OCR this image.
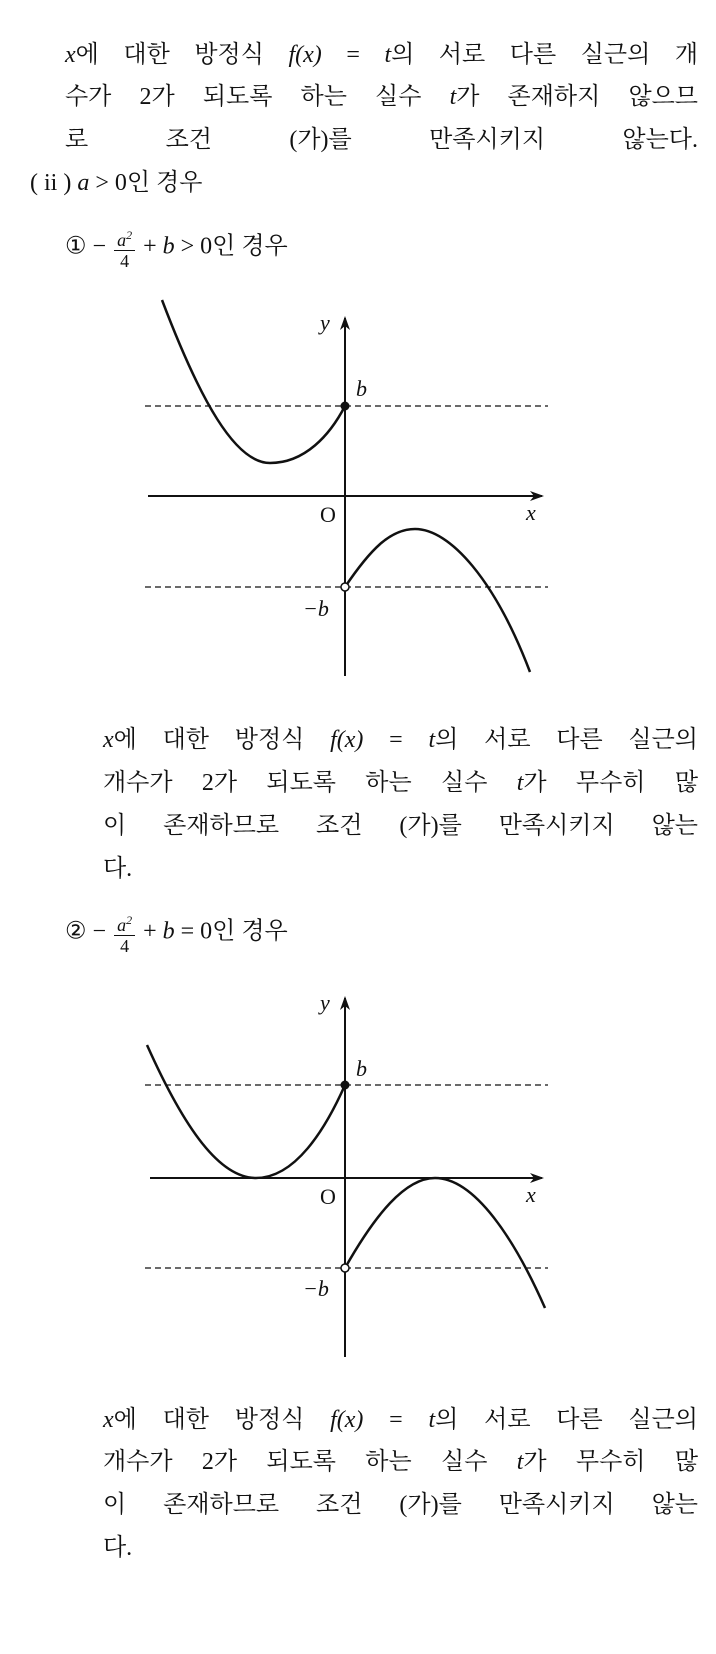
x에 대한 방정식 f(x) = t의 서로 다른 실근의 개
수가 2가 되도록 하는 실수 t가 존재하지 않으므
로 조건 (가)를 만족시키지 않는다.
( ii ) a > 0인 경우
① − $\frac{a^2}{4} + b > 0$인 경우
x에 대한 방정식 f(x) = t의 서로 다른 실근의
개수가 2가 되도록 하는 실수 t가 무수히 많
이 존재하므로 조건 (가)를 만족시키지 않는
다.
② − $\frac{a^2}{4} + b = 0$인 경우
x에 대한 방정식 f(x) = t의 서로 다른 실근의
개수가 2가 되도록 하는 실수 t가 무수히 많
이 존재하므로 조건 (가)를 만족시키지 않는
다.
y
b
O	x
−b
y
b
O	x
−b
